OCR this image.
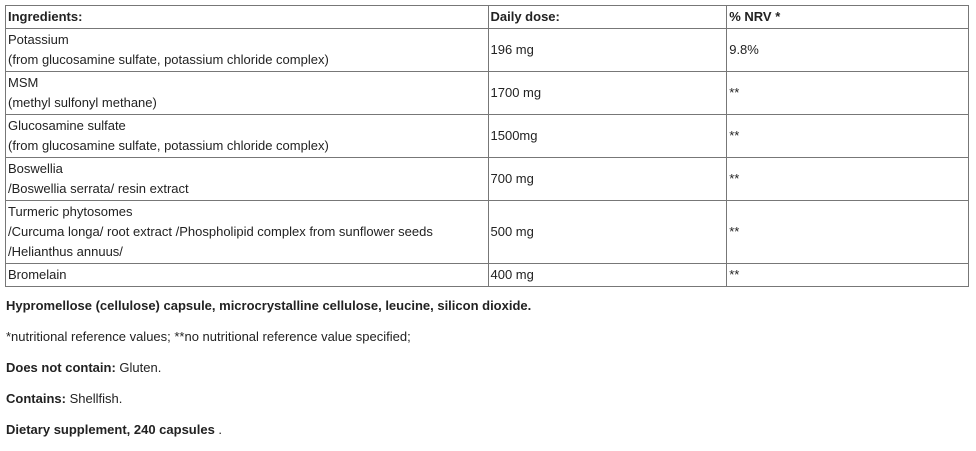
Ingredients:	Daily dose:	% NRV *

Potassium
(from glucosamine sulfate, potassium chloride complex)	196 mg	9.8%

MSM
(methyl sulfonyl methane)	1700 mg	**

Glucosamine sulfate
(from glucosamine sulfate, potassium chloride complex)	1500mg	**

Boswellia
/Boswellia serrata/ resin extract	700 mg	**

Turmeric phytosomes
/Curcuma longa/ root extract /Phospholipid complex from sunflower seeds
/Helianthus annuus/	500 mg	**

Bromelain	400 mg	**

Hypromellose (cellulose) capsule, microcrystalline cellulose, leucine, silicon dioxide.

*nutritional reference values; **no nutritional reference value specified;

Does not contain: Gluten.

Contains: Shellfish.

Dietary supplement, 240 capsules .
